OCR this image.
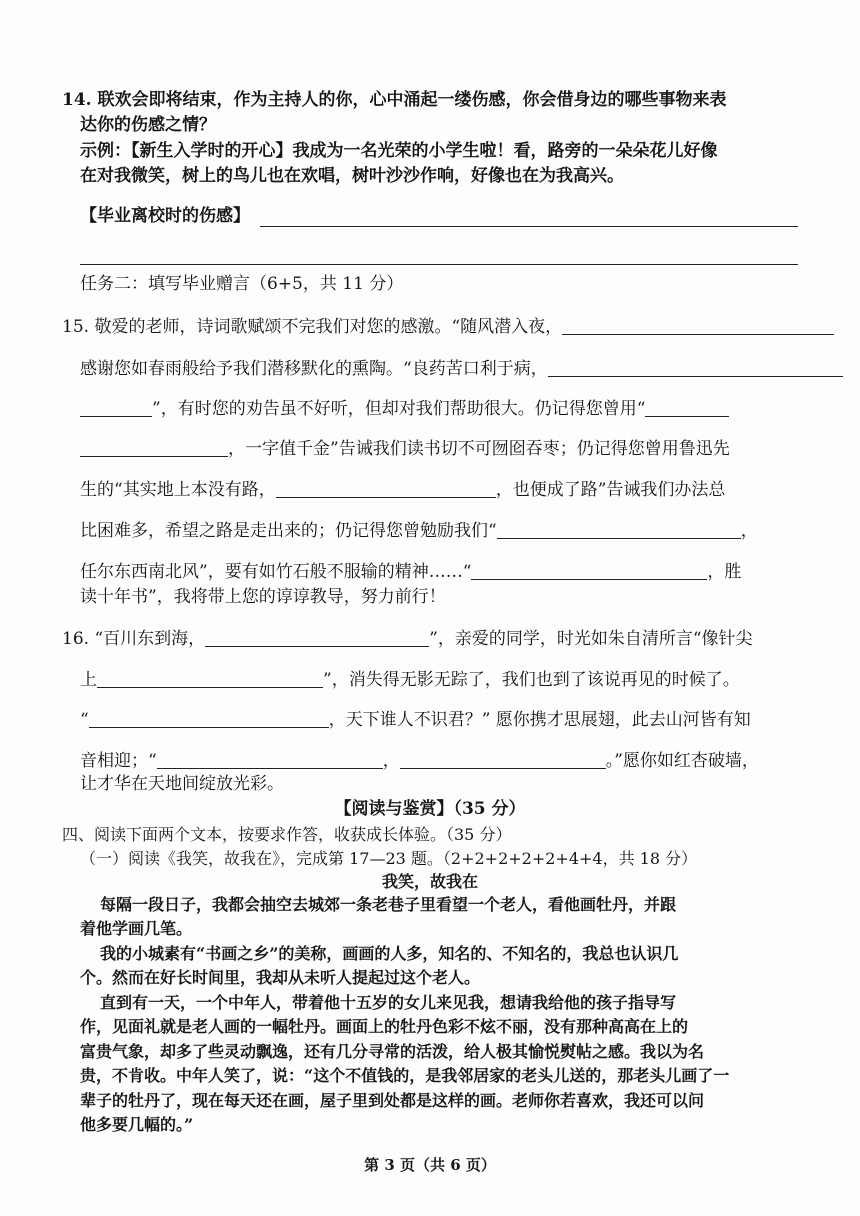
14. 联欢会即将结束，作为主持人的你，心中涌起一缕伤感，你会借身边的哪些事物来表
达你的伤感之情？
示例：【新生入学时的开心】我成为一名光荣的小学生啦！看，路旁的一朵朵花儿好像
在对我微笑，树上的鸟儿也在欢唱，树叶沙沙作响，好像也在为我高兴。
【毕业离校时的伤感】
任务二：填写毕业赠言（6+5，共 11 分）
15. 敬爱的老师，诗词歌赋颂不完我们对您的感激。“随风潜入夜，
感谢您如春雨般给予我们潜移默化的熏陶。“良药苦口利于病，
”，有时您的劝告虽不好听，但却对我们帮助很大。仍记得您曾用“
，一字值千金”告诫我们读书切不可囫囵吞枣；仍记得您曾用鲁迅先
生的“其实地上本没有路，	，也便成了路”告诫我们办法总
比困难多，希望之路是走出来的；仍记得您曾勉励我们“	，
任尔东西南北风”，要有如竹石般不服输的精神……“	，胜
读十年书”，我将带上您的谆谆教导，努力前行！
16. “百川东到海，	”，亲爱的同学，时光如朱自清所言“像针尖
上	”，消失得无影无踪了，我们也到了该说再见的时候了。
“	，天下谁人不识君？” 愿你携才思展翅，此去山河皆有知
音相迎；“	，	。”愿你如红杏破墙，
让才华在天地间绽放光彩。
【阅读与鉴赏】（35 分）
四、阅读下面两个文本，按要求作答，收获成长体验。（35 分）
（一）阅读《我笑，故我在》，完成第 17—23 题。（2+2+2+2+2+4+4，共 18 分）
我笑，故我在
每隔一段日子，我都会抽空去城郊一条老巷子里看望一个老人，看他画牡丹，并跟
着他学画几笔。
我的小城素有“书画之乡”的美称，画画的人多，知名的、不知名的，我总也认识几
个。然而在好长时间里，我却从未听人提起过这个老人。
直到有一天，一个中年人，带着他十五岁的女儿来见我，想请我给他的孩子指导写
作，见面礼就是老人画的一幅牡丹。画面上的牡丹色彩不炫不丽，没有那种高高在上的
富贵气象，却多了些灵动飘逸，还有几分寻常的活泼，给人极其愉悦熨帖之感。我以为名
贵，不肯收。中年人笑了，说：“这个不值钱的，是我邻居家的老头儿送的，那老头儿画了一
辈子的牡丹了，现在每天还在画，屋子里到处都是这样的画。老师你若喜欢，我还可以问
他多要几幅的。”
第 3 页（共 6 页）
